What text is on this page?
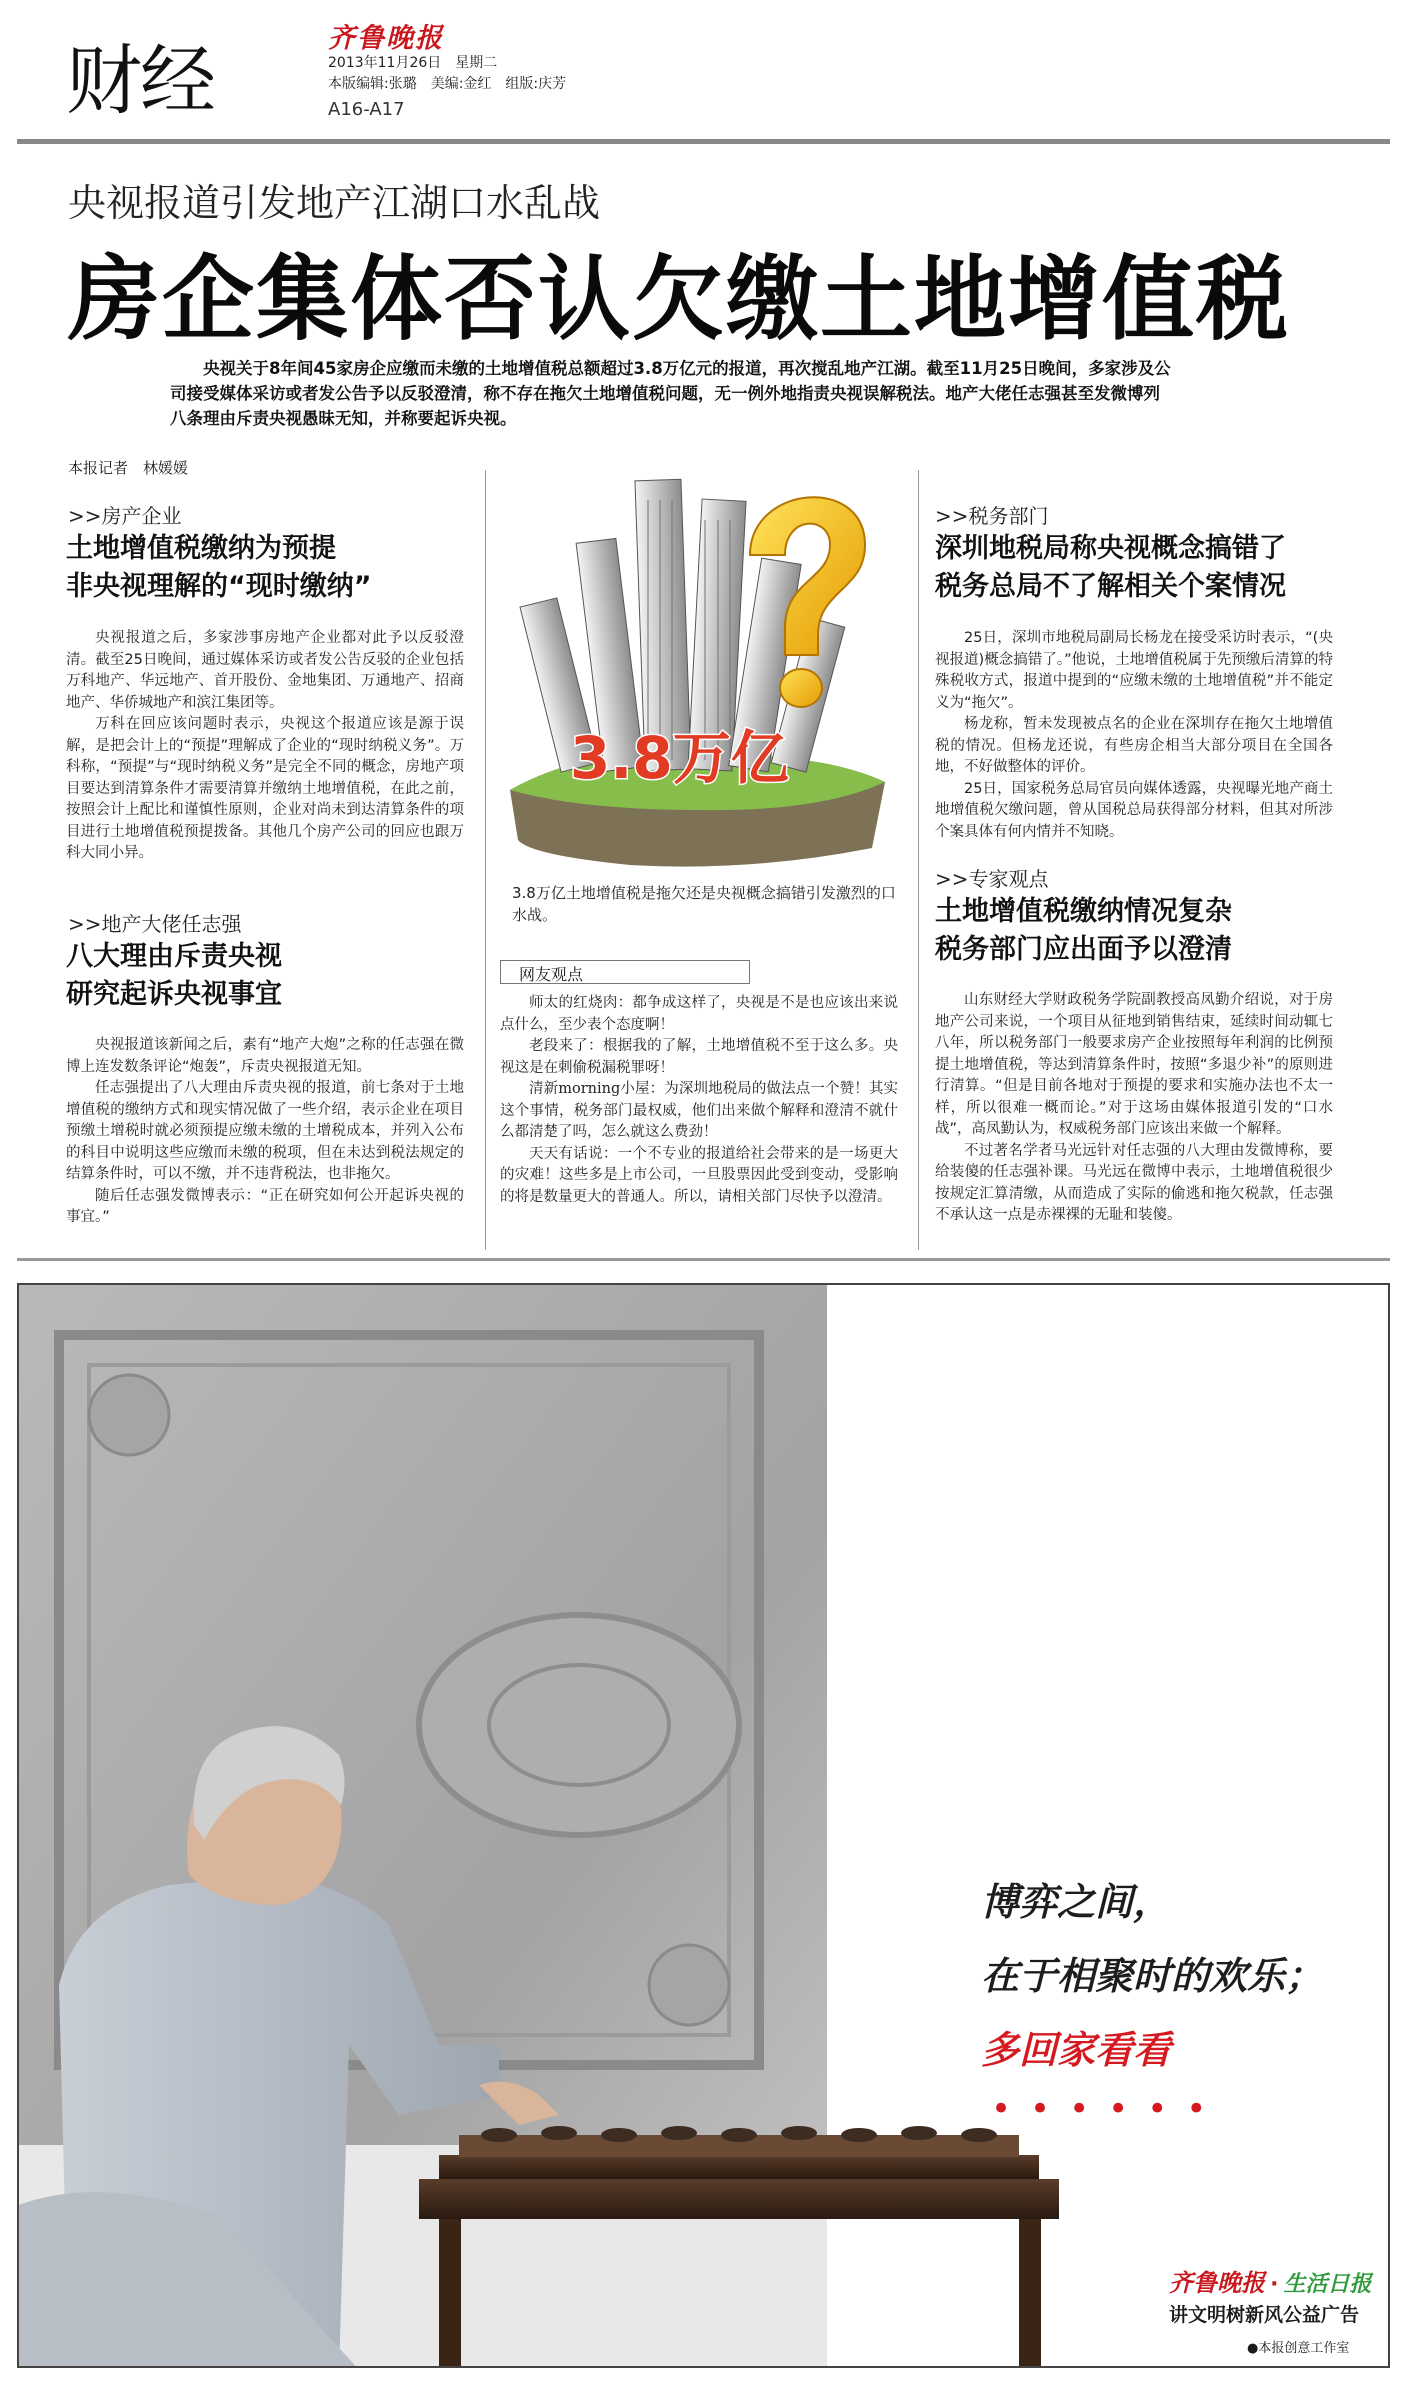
财经	齐鲁晚报
2013年11月26日　星期二
本版编辑:张璐　美编:金红　组版:庆芳
A16-A17
央视报道引发地产江湖口水乱战
房企集体否认欠缴土地增值税

央视关于8年间45家房企应缴而未缴的土地增值税总额超过3.8万亿元的报道，再次搅乱地产江湖。截至11月25日晚间，多家涉及公司接受媒体采访或者发公告予以反驳澄清，称不存在拖欠土地增值税问题，无一例外地指责央视误解税法。地产大佬任志强甚至发微博列八条理由斥责央视愚昧无知，并称要起诉央视。

本报记者　林媛媛
>>房产企业
土地增值税缴纳为预提
非央视理解的“现时缴纳”

央视报道之后，多家涉事房地产企业都对此予以反驳澄清。截至25日晚间，通过媒体采访或者发公告反驳的企业包括万科地产、华远地产、首开股份、金地集团、万通地产、招商地产、华侨城地产和滨江集团等。

万科在回应该问题时表示，央视这个报道应该是源于误解，是把会计上的“预提”理解成了企业的“现时纳税义务”。万科称，“预提”与“现时纳税义务”是完全不同的概念，房地产项目要达到清算条件才需要清算并缴纳土地增值税，在此之前，按照会计上配比和谨慎性原则，企业对尚未到达清算条件的项目进行土地增值税预提拨备。其他几个房产公司的回应也跟万科大同小异。

>>地产大佬任志强
八大理由斥责央视
研究起诉央视事宜

央视报道该新闻之后，素有“地产大炮”之称的任志强在微博上连发数条评论“炮轰”，斥责央视报道无知。

任志强提出了八大理由斥责央视的报道，前七条对于土地增值税的缴纳方式和现实情况做了一些介绍，表示企业在项目预缴土增税时就必须预提应缴未缴的土增税成本，并列入公布的科目中说明这些应缴而未缴的税项，但在未达到税法规定的结算条件时，可以不缴，并不违背税法，也非拖欠。

随后任志强发微博表示：“正在研究如何公开起诉央视的事宜。”

3.8万亿
3.8万亿土地增值税是拖欠还是央视概念搞错引发激烈的口水战。
网友观点

师太的红烧肉：都争成这样了，央视是不是也应该出来说点什么，至少表个态度啊！

老段来了：根据我的了解，土地增值税不至于这么多。央视这是在刺偷税漏税罪呀！

清新morning小屋：为深圳地税局的做法点一个赞！其实这个事情，税务部门最权威，他们出来做个解释和澄清不就什么都清楚了吗，怎么就这么费劲！

天天有话说：一个不专业的报道给社会带来的是一场更大的灾难！这些多是上市公司，一旦股票因此受到变动，受影响的将是数量更大的普通人。所以，请相关部门尽快予以澄清。

>>税务部门
深圳地税局称央视概念搞错了
税务总局不了解相关个案情况

25日，深圳市地税局副局长杨龙在接受采访时表示，“(央视报道)概念搞错了。”他说，土地增值税属于先预缴后清算的特殊税收方式，报道中提到的“应缴未缴的土地增值税”并不能定义为“拖欠”。

杨龙称，暂未发现被点名的企业在深圳存在拖欠土地增值税的情况。但杨龙还说，有些房企相当大部分项目在全国各地，不好做整体的评价。

25日，国家税务总局官员向媒体透露，央视曝光地产商土地增值税欠缴问题，曾从国税总局获得部分材料，但其对所涉个案具体有何内情并不知晓。

>>专家观点
土地增值税缴纳情况复杂
税务部门应出面予以澄清

山东财经大学财政税务学院副教授高凤勤介绍说，对于房地产公司来说，一个项目从征地到销售结束，延续时间动辄七八年，所以税务部门一般要求房产企业按照每年利润的比例预提土地增值税，等达到清算条件时，按照“多退少补”的原则进行清算。“但是目前各地对于预提的要求和实施办法也不太一样，所以很难一概而论。”对于这场由媒体报道引发的“口水战”，高凤勤认为，权威税务部门应该出来做一个解释。

不过著名学者马光远针对任志强的八大理由发微博称，要给装傻的任志强补课。马光远在微博中表示，土地增值税很少按规定汇算清缴，从而造成了实际的偷逃和拖欠税款，任志强不承认这一点是赤裸裸的无耻和装傻。

博弈之间，
在于相聚时的欢乐；
多回家看看
••••••
齐鲁晚报 · 生活日报
讲文明树新风公益广告
●本报创意工作室
